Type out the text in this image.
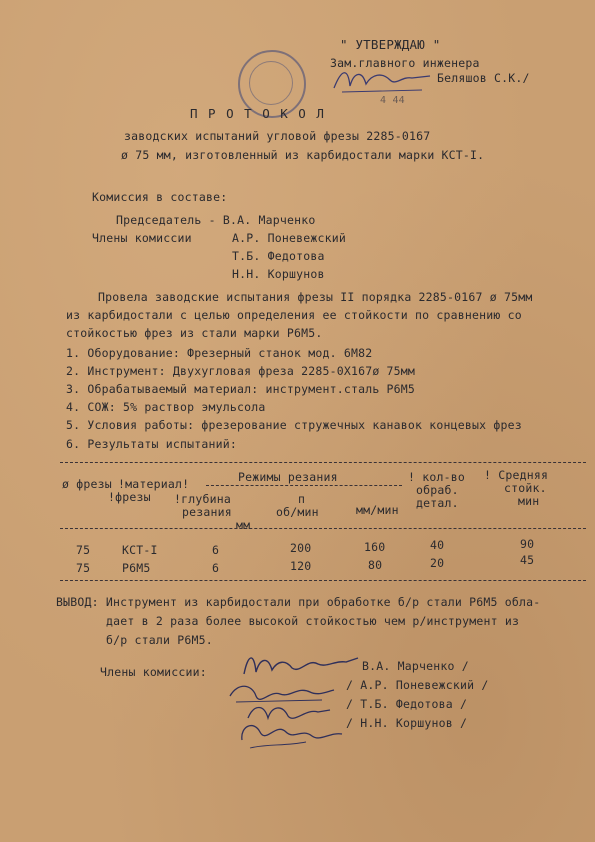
" УТВЕРЖДАЮ "
Зам.главного инженера
Беляшов С.К./
4 44
П Р О Т О К О Л
заводских испытаний угловой фрезы 2285-0167
ø 75 мм, изготовленный из карбидостали марки КСТ-I.
Комиссия в составе:
Председатель - В.А. Марченко
Члены комиссии	А.Р. Поневежский
Т.Б. Федотова
Н.Н. Коршунов
Провела заводские испытания фрезы II порядка 2285-0167 ø 75мм
из карбидостали с целью определения ее стойкости по сравнению со
стойкостью фрез из стали марки Р6М5.
1. Оборудование: Фрезерный станок мод. 6М82
2. Инструмент: Двухугловая фреза 2285-0Х167ø 75мм
3. Обрабатываемый материал: инструмент.сталь Р6М5
4. СОЖ: 5% раствор эмульсола
5. Условия работы: фрезерование стружечных канавок концевых фрез
6. Результаты испытаний:
ø фрезы !материал!
!фрезы
Режимы резания
!глубина
резания
мм
п
об/мин	мм/мин
! кол-во
обраб.
детал.
! Средняя
стойк.
мин
75	КСТ-I	6	200	160	40	90
75	Р6М5	6	120	80	20	45
ВЫВОД: Инструмент из карбидостали при обработке б/р стали Р6М5 обла-
дает в 2 раза более высокой стойкостью чем р/инструмент из
б/р стали Р6М5.
Члены комиссии:	В.А. Марченко /
/ А.Р. Поневежский /
/ Т.Б. Федотова /
/ Н.Н. Коршунов /
